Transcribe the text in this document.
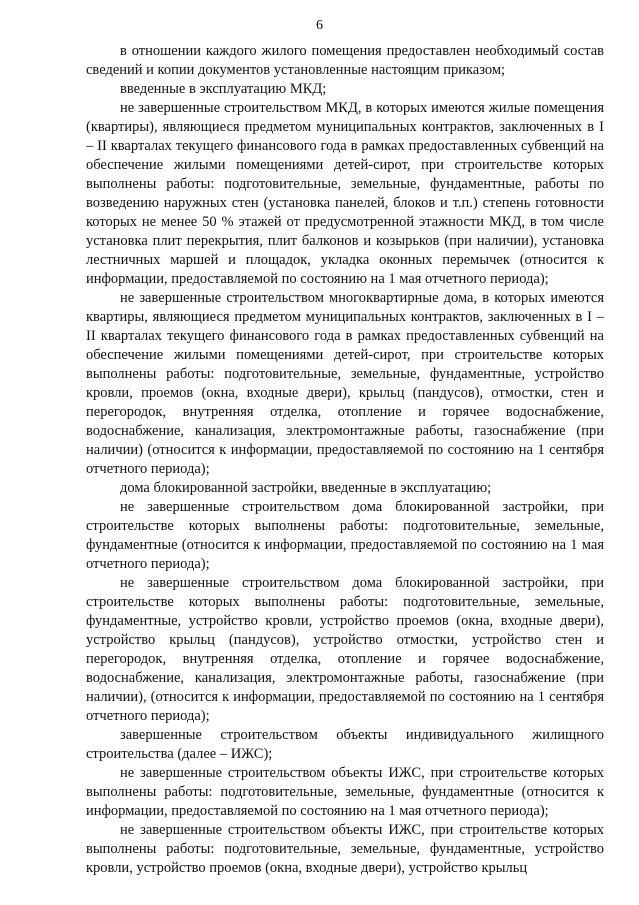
6

в отношении каждого жилого помещения предоставлен необходимый состав сведений и копии документов установленные настоящим приказом;

введенные в эксплуатацию МКД;

не завершенные строительством МКД, в которых имеются жилые помещения (квартиры), являющиеся предметом муниципальных контрактов, заключенных в I – II кварталах текущего финансового года в рамках предоставленных субвенций на обеспечение жилыми помещениями детей-сирот, при строительстве которых выполнены работы: подготовительные, земельные, фундаментные, работы по возведению наружных стен (установка панелей, блоков и т.п.) степень готовности которых не менее 50 % этажей от предусмотренной этажности МКД, в том числе установка плит перекрытия, плит балконов и козырьков (при наличии), установка лестничных маршей и площадок, укладка оконных перемычек (относится к информации, предоставляемой по состоянию на 1 мая отчетного периода);

не завершенные строительством многоквартирные дома, в которых имеются квартиры, являющиеся предметом муниципальных контрактов, заключенных в I – II кварталах текущего финансового года в рамках предоставленных субвенций на обеспечение жилыми помещениями детей-сирот, при строительстве которых выполнены работы: подготовительные, земельные, фундаментные, устройство кровли, проемов (окна, входные двери), крыльц (пандусов), отмостки, стен и перегородок, внутренняя отделка, отопление и горячее водоснабжение, водоснабжение, канализация, электромонтажные работы, газоснабжение (при наличии) (относится к информации, предоставляемой по состоянию на 1 сентября отчетного периода);

дома блокированной застройки, введенные в эксплуатацию;

не завершенные строительством дома блокированной застройки, при строительстве которых выполнены работы: подготовительные, земельные, фундаментные (относится к информации, предоставляемой по состоянию на 1 мая отчетного периода);

не завершенные строительством дома блокированной застройки, при строительстве которых выполнены работы: подготовительные, земельные, фундаментные, устройство кровли, устройство проемов (окна, входные двери), устройство крыльц (пандусов), устройство отмостки, устройство стен и перегородок, внутренняя отделка, отопление и горячее водоснабжение, водоснабжение, канализация, электромонтажные работы, газоснабжение (при наличии), (относится к информации, предоставляемой по состоянию на 1 сентября отчетного периода);

завершенные строительством объекты индивидуального жилищного строительства (далее – ИЖС);

не завершенные строительством объекты ИЖС, при строительстве которых выполнены работы: подготовительные, земельные, фундаментные (относится к информации, предоставляемой по состоянию на 1 мая отчетного периода);

не завершенные строительством объекты ИЖС, при строительстве которых выполнены работы: подготовительные, земельные, фундаментные, устройство кровли, устройство проемов (окна, входные двери), устройство крыльц
